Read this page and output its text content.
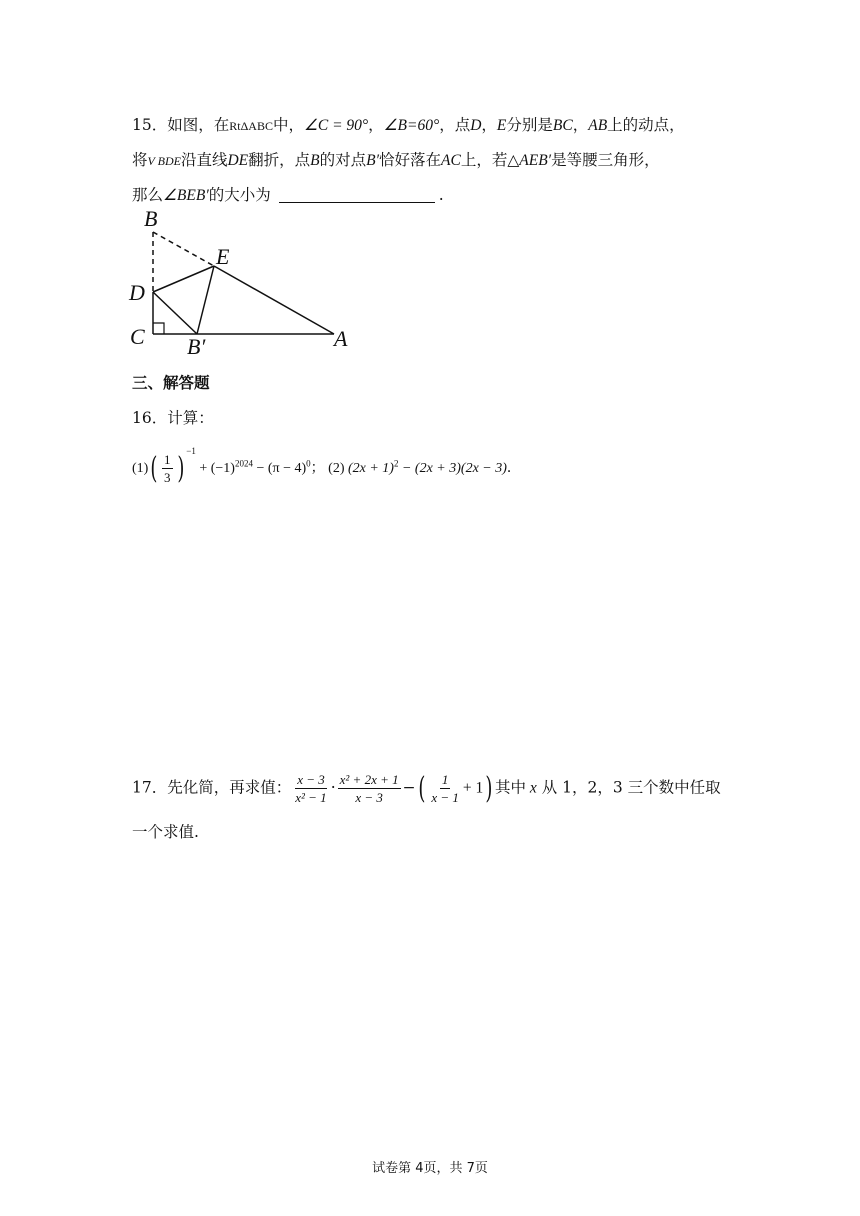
15．如图，在RtΔABC中，∠C = 90°，∠B=60°，点D，E分别是BC，AB上的动点，
将V BDE沿直线DE翻折，点B的对点B′恰好落在AC上，若△AEB′是等腰三角形，
那么∠BEB′的大小为	.
B
E
D
C B′	A
三、解答题
16．计算：
$(1)( \frac{1}{3}$ ) $^{-1} + (-1)^{2024} - (\pi - 4)^0$； (2) $(2x + 1)^2 - (2x + 3)(2x - 3)$．
17．先化简，再求值： $\frac{x - 3}{\text{x² − 1}} \cdot \frac{\text{x² + 2x + 1}}{x - 3}$ −( $\frac{1}{x - 1} + 1$) 其中 x 从 1，2，3 三个数中任取
一个求值.
试卷第 4页，共 7页
